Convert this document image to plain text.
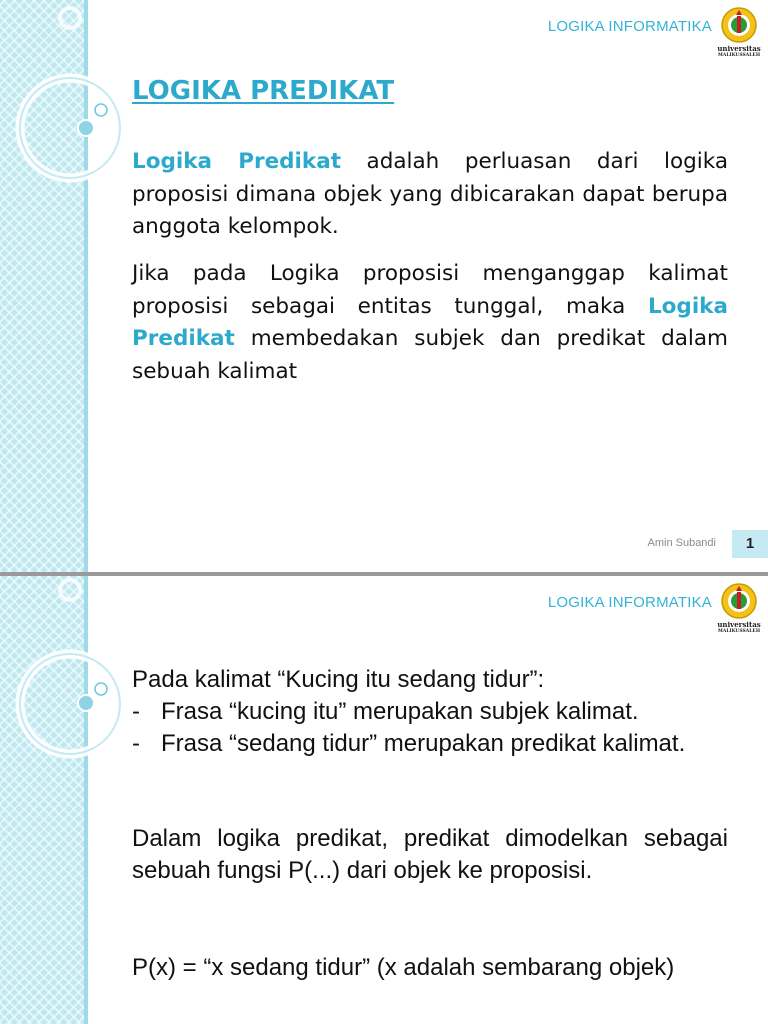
LOGIKA INFORMATIKA
universitas
MALIKUSSALEH
LOGIKA PREDIKAT
Logika Predikat adalah perluasan dari logika proposisi dimana objek yang dibicarakan dapat berupa anggota kelompok.
Jika pada Logika proposisi menganggap kalimat proposisi sebagai entitas tunggal, maka Logika Predikat membedakan subjek dan predikat dalam sebuah kalimat
Amin Subandi	1
LOGIKA INFORMATIKA
universitas
MALIKUSSALEH
Pada kalimat “Kucing itu sedang tidur”:
- Frasa “kucing itu” merupakan subjek kalimat.
- Frasa “sedang tidur” merupakan predikat kalimat.
Dalam logika predikat, predikat dimodelkan sebagai sebuah fungsi P(...) dari objek ke proposisi.
P(x) = “x sedang tidur” (x adalah sembarang objek)
